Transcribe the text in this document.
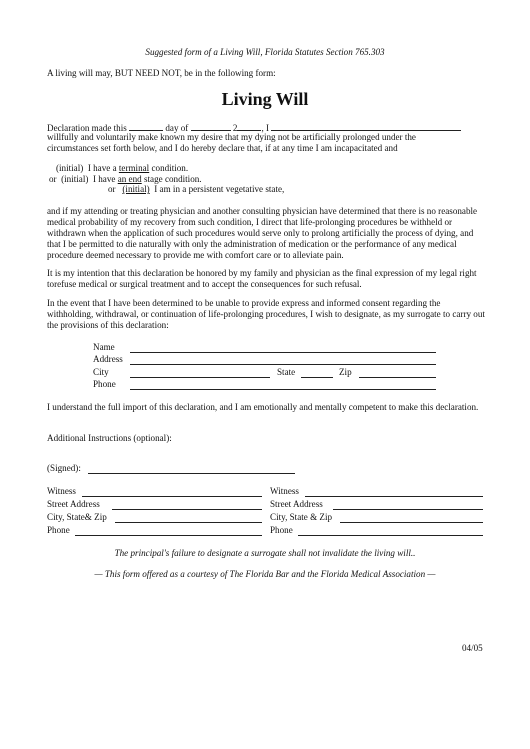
Suggested form of a Living Will, Florida Statutes Section 765.303
A living will may, BUT NEED NOT, be in the following form:
Living Will
Declaration made this	day of	2	, I
willfully and voluntarily make known my desire that my dying not be artificially prolonged under the
circumstances set forth below, and I do hereby declare that, if at any time I am incapacitated and
(initial) I have a terminal condition.
or (initial) I have an end stage condition.
or (initial) I am in a persistent vegetative state,
and if my attending or treating physician and another consulting physician have determined that there is no reasonable medical probability of my recovery from such condition, I direct that life-prolonging procedures be withheld or withdrawn when the application of such procedures would serve only to prolong artificially the process of dying, and that I be permitted to die naturally with only the administration of medication or the performance of any medical procedure deemed necessary to provide me with comfort care or to alleviate pain.
It is my intention that this declaration be honored by my family and physician as the final expression of my legal right torefuse medical or surgical treatment and to accept the consequences for such refusal.
In the event that I have been determined to be unable to provide express and informed consent regarding the withholding, withdrawal, or continuation of life-prolonging procedures, I wish to designate, as my surrogate to carry out the provisions of this declaration:
Name
Address
City	State	Zip
Phone
I understand the full import of this declaration, and I am emotionally and mentally competent to make this declaration.
Additional Instructions (optional):
(Signed):
Witness
Street Address
City, State& Zip
Phone
Witness
Street Address
City, State & Zip
Phone
The principal's failure to designate a surrogate shall not invalidate the living will..
— This form offered as a courtesy of The Florida Bar and the Florida Medical Association —
04/05
